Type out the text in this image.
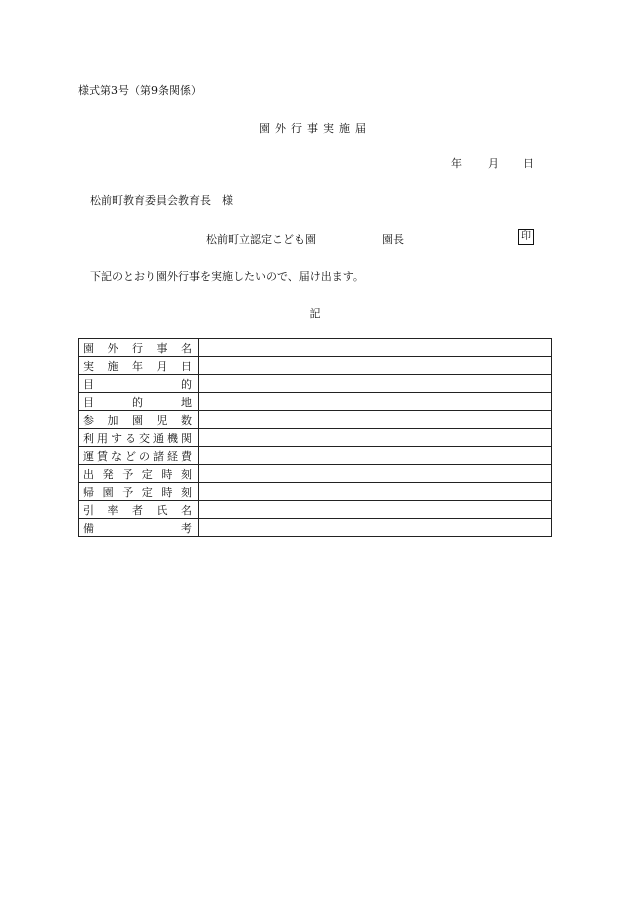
様式第3号（第9条関係）
園外行事実施届
年 月 日
松前町教育委員会教育長　様
松前町立認定こども園	園長	印
下記のとおり園外行事を実施したいので、届け出ます。
記
園外行事名	
実施年月日	
目的	
目的地	
参加園児数	
利用する交通機関	
運賃などの諸経費	
出発予定時刻	
帰園予定時刻	
引率者氏名	
備考	
